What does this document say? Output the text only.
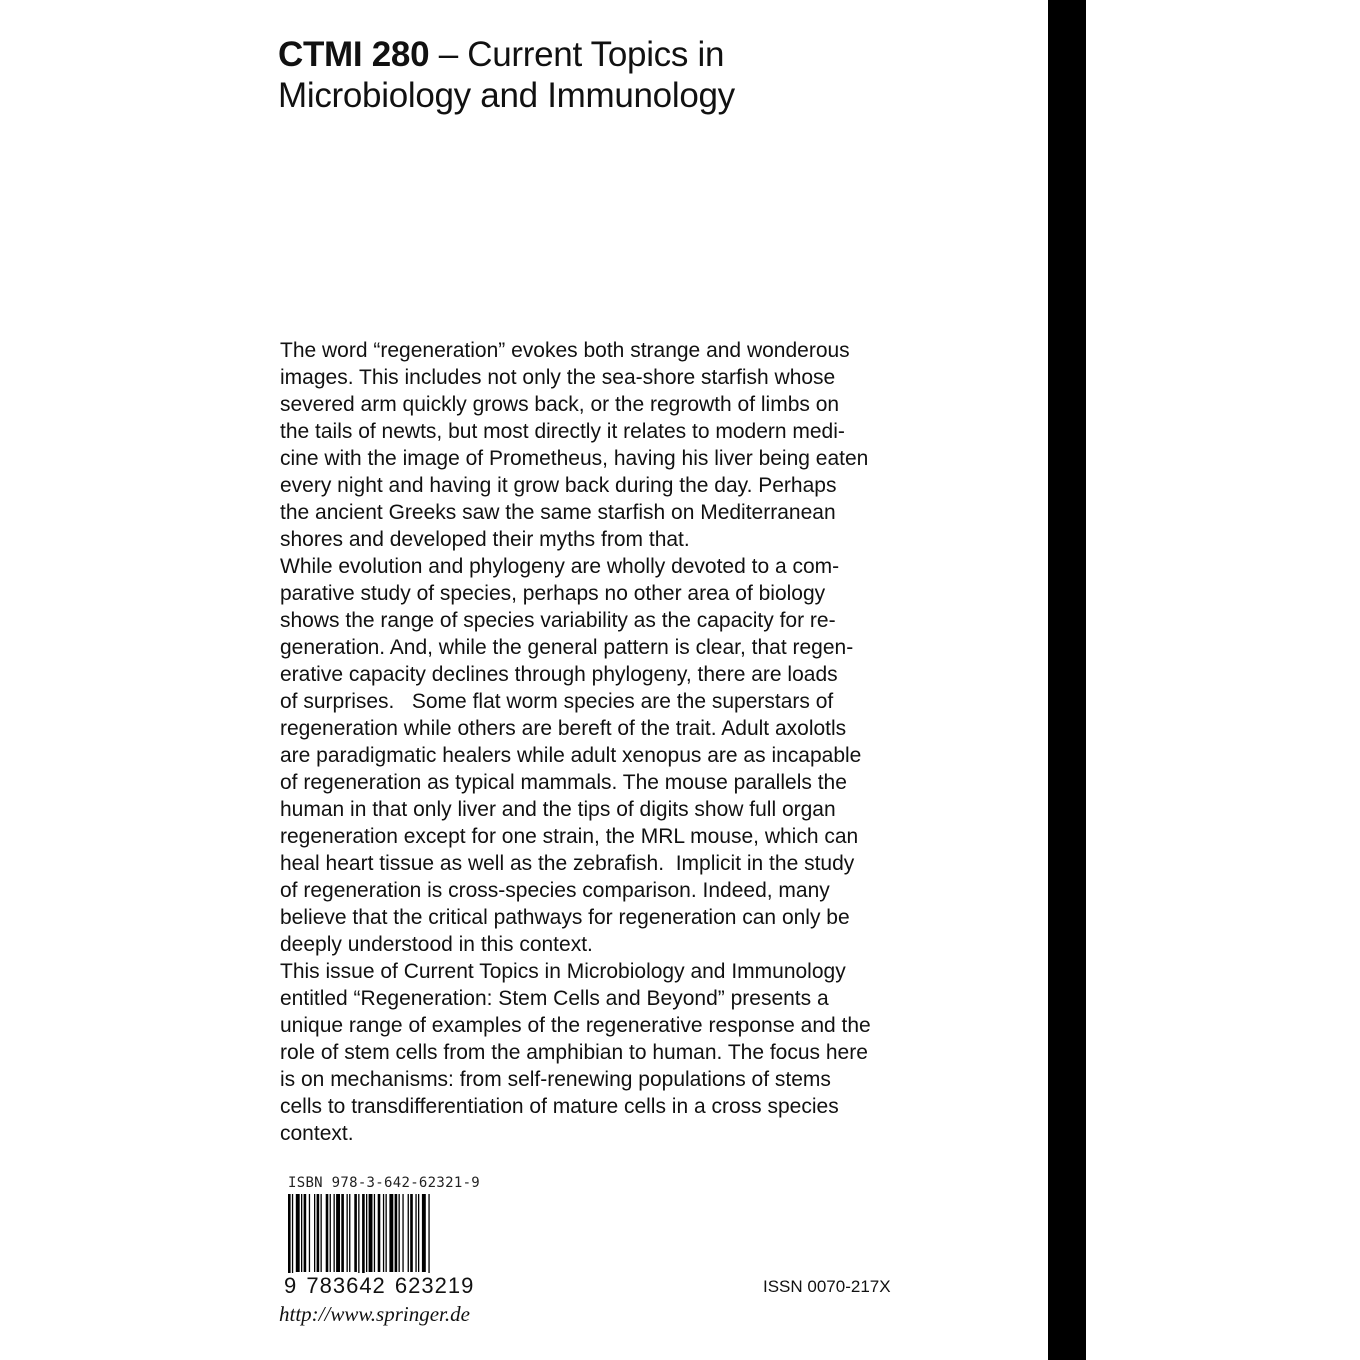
CTMI 280 – Current Topics in
Microbiology and Immunology

The word “regeneration” evokes both strange and wonderous
images. This includes not only the sea-shore starfish whose
severed arm quickly grows back, or the regrowth of limbs on
the tails of newts, but most directly it relates to modern medi-
cine with the image of Prometheus, having his liver being eaten
every night and having it grow back during the day. Perhaps
the ancient Greeks saw the same starfish on Mediterranean
shores and developed their myths from that.

While evolution and phylogeny are wholly devoted to a com-
parative study of species, perhaps no other area of biology
shows the range of species variability as the capacity for re-
generation. And, while the general pattern is clear, that regen-
erative capacity declines through phylogeny, there are loads
of surprises.   Some flat worm species are the superstars of
regeneration while others are bereft of the trait. Adult axolotls
are paradigmatic healers while adult xenopus are as incapable
of regeneration as typical mammals. The mouse parallels the
human in that only liver and the tips of digits show full organ
regeneration except for one strain, the MRL mouse, which can
heal heart tissue as well as the zebrafish.  Implicit in the study
of regeneration is cross-species comparison. Indeed, many
believe that the critical pathways for regeneration can only be
deeply understood in this context.

This issue of Current Topics in Microbiology and Immunology
entitled “Regeneration: Stem Cells and Beyond” presents a
unique range of examples of the regenerative response and the
role of stem cells from the amphibian to human. The focus here
is on mechanisms: from self-renewing populations of stems
cells to transdifferentiation of mature cells in a cross species
context.

ISBN 978-3-642-62321-9
9 783642 623219	ISSN 0070-217X
http://www.springer.de
